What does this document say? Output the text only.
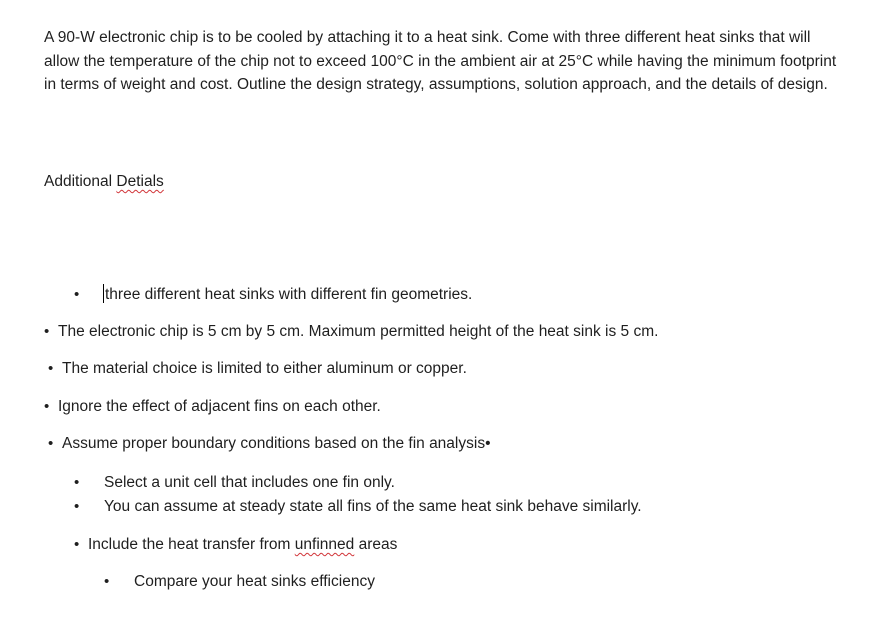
A 90-W electronic chip is to be cooled by attaching it to a heat sink. Come with three different heat sinks that will allow the temperature of the chip not to exceed 100°C in the ambient air at 25°C while having the minimum footprint in terms of weight and cost. Outline the design strategy, assumptions, solution approach, and the details of design.

Additional Detials

• three different heat sinks with different fin geometries.

• The electronic chip is 5 cm by 5 cm. Maximum permitted height of the heat sink is 5 cm.

• The material choice is limited to either aluminum or copper.

• Ignore the effect of adjacent fins on each other.

• Assume proper boundary conditions based on the fin analysis•

• Select a unit cell that includes one fin only.

• You can assume at steady state all fins of the same heat sink behave similarly.

• Include the heat transfer from unfinned areas

• Compare your heat sinks efficiency
